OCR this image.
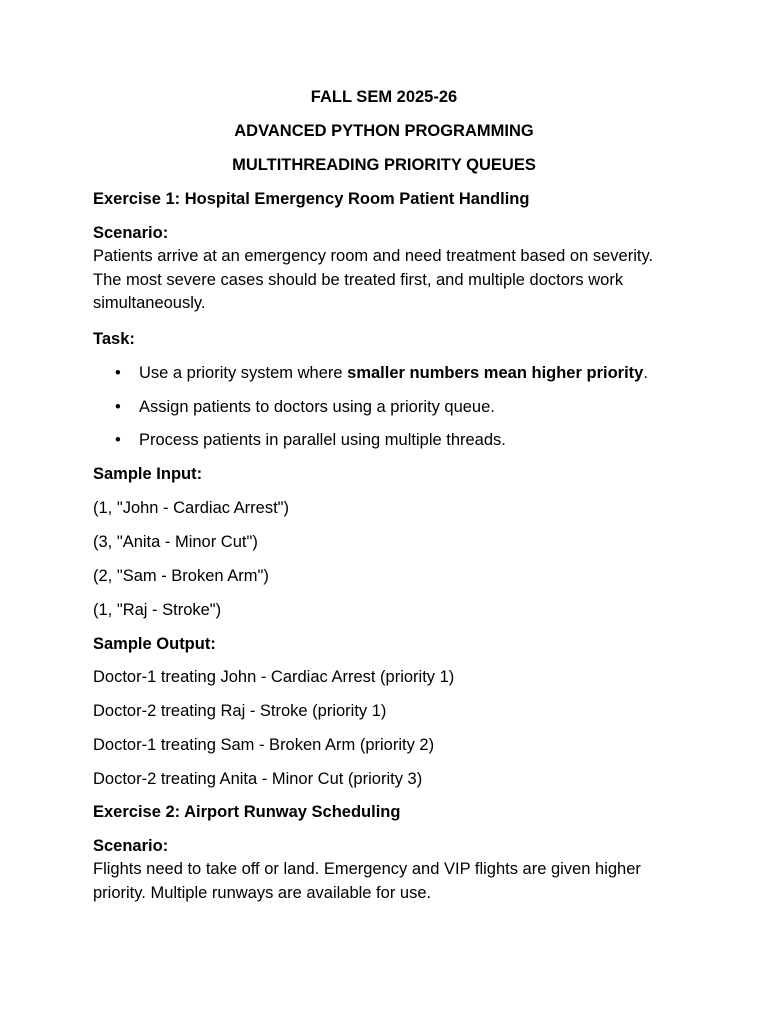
FALL SEM 2025-26
ADVANCED PYTHON PROGRAMMING
MULTITHREADING PRIORITY QUEUES
Exercise 1: Hospital Emergency Room Patient Handling
Scenario:
Patients arrive at an emergency room and need treatment based on severity. The most severe cases should be treated first, and multiple doctors work simultaneously.
Task:
• Use a priority system where smaller numbers mean higher priority.
• Assign patients to doctors using a priority queue.
• Process patients in parallel using multiple threads.
Sample Input:
(1, "John - Cardiac Arrest")
(3, "Anita - Minor Cut")
(2, "Sam - Broken Arm")
(1, "Raj - Stroke")
Sample Output:
Doctor-1 treating John - Cardiac Arrest (priority 1)
Doctor-2 treating Raj - Stroke (priority 1)
Doctor-1 treating Sam - Broken Arm (priority 2)
Doctor-2 treating Anita - Minor Cut (priority 3)
Exercise 2: Airport Runway Scheduling
Scenario:
Flights need to take off or land. Emergency and VIP flights are given higher priority. Multiple runways are available for use.
